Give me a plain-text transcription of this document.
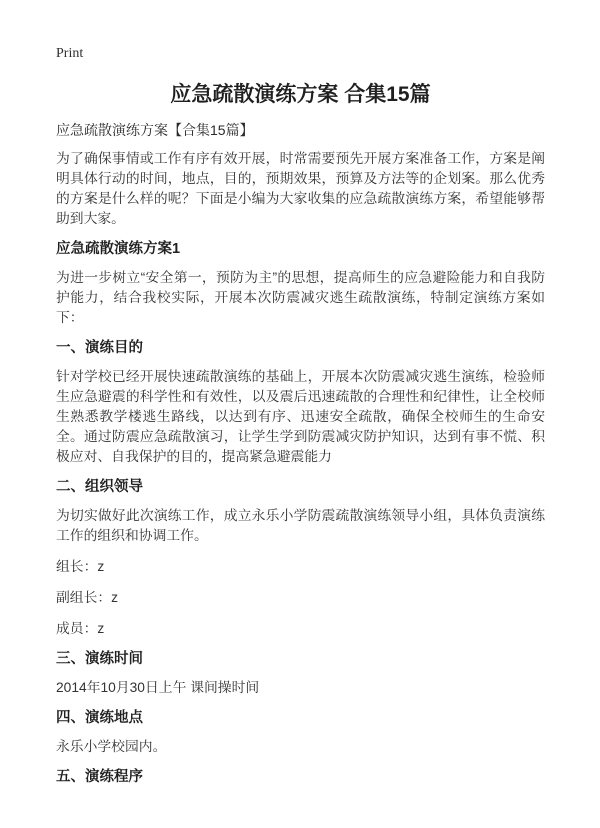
Print
应急疏散演练方案 合集15篇
应急疏散演练方案【合集15篇】

为了确保事情或工作有序有效开展，时常需要预先开展方案准备工作，方案是阐明具体行动的时间，地点，目的，预期效果，预算及方法等的企划案。那么优秀的方案是什么样的呢？下面是小编为大家收集的应急疏散演练方案，希望能够帮助到大家。

应急疏散演练方案1

为进一步树立“安全第一，预防为主”的思想，提高师生的应急避险能力和自我防护能力，结合我校实际，开展本次防震减灾逃生疏散演练，特制定演练方案如下：

一、演练目的

针对学校已经开展快速疏散演练的基础上，开展本次防震减灾逃生演练，检验师生应急避震的科学性和有效性，以及震后迅速疏散的合理性和纪律性，让全校师生熟悉教学楼逃生路线，以达到有序、迅速安全疏散，确保全校师生的生命安全。通过防震应急疏散演习，让学生学到防震减灾防护知识，达到有事不慌、积极应对、自我保护的目的，提高紧急避震能力

二、组织领导

为切实做好此次演练工作，成立永乐小学防震疏散演练领导小组，具体负责演练工作的组织和协调工作。

组长：z

副组长：z

成员：z

三、演练时间

2014年10月30日上午 课间操时间

四、演练地点

永乐小学校园内。

五、演练程序
